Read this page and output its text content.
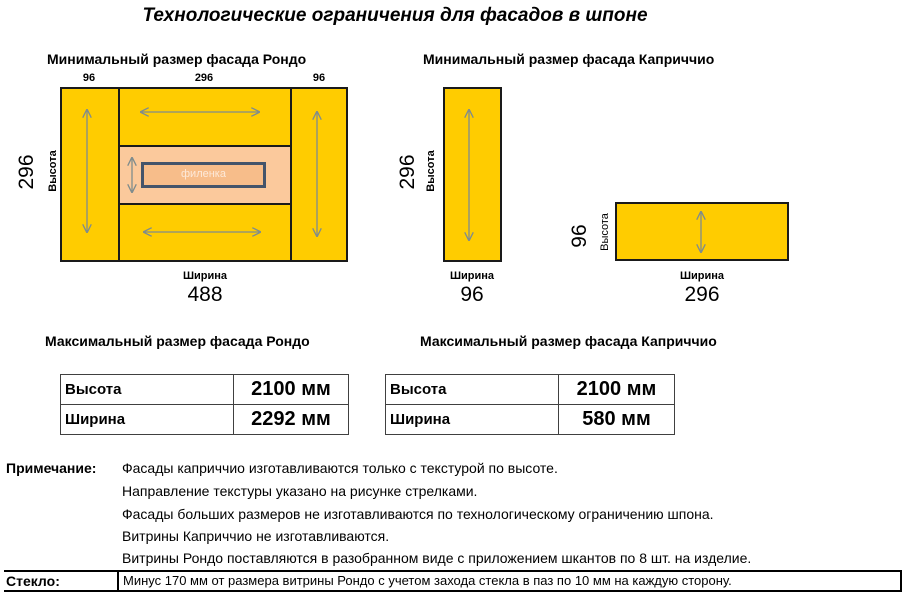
Технологические ограничения для фасадов в шпоне
Минимальный размер фасада Рондо
96	296	96
филенка
296 Высота
Ширина
488
Минимальный размер фасада Каприччио
296 Высота
Ширина
96
96 Высота
Ширина
296
Максимальный размер фасада Рондо
Высота	2100 мм
Ширина	2292 мм
Максимальный размер фасада Каприччио
Высота	2100 мм
Ширина	580 мм
Примечание: Фасады каприччио изготавливаются только с текстурой по высоте.
Направление текстуры указано на рисунке стрелками.
Фасады больших размеров не изготавливаются по технологическому ограничению шпона.
Витрины Каприччио не изготавливаются.
Витрины Рондо поставляются в разобранном виде с приложением шкантов по 8 шт. на изделие.
Стекло:	Минус 170 мм от размера витрины Рондо с учетом захода стекла в паз по 10 мм на каждую сторону.
